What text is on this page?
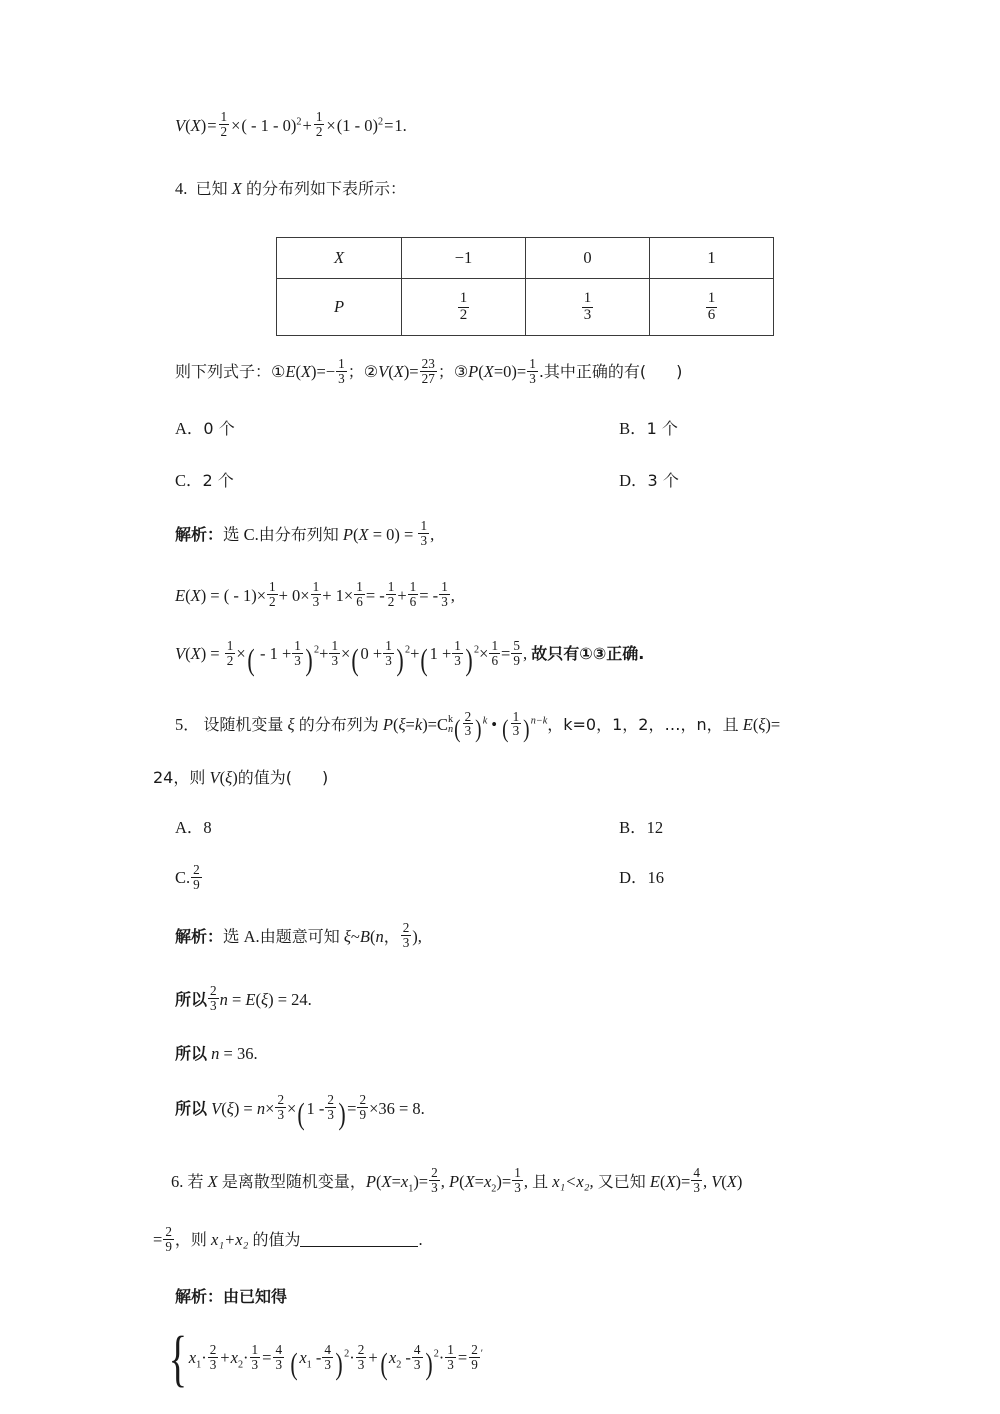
$V(X)= \frac{1}{2}$ ×( - $1 - 0)^2+ \frac{1}{2} \times(1 - 0)^2=1$.
4. 已知 X 的分布列如下表所示：
X	−1	0	1
P	$\frac{1}{2}$	$\frac{1}{3}$	$\frac{1}{6}$
则下列式子：①E(X)=− $\frac{1}{3}$ ；②V(X)= $\frac{23}{27}$ ；③P(X=0)= $\frac{1}{3}$ .其中正确的有( )
A．0 个	B．1 个
C．2 个	D．3 个
解析：选 C.由分布列知 $P(X = 0) = \frac{1}{3}$ ,
E(X) = ( - $1)\times \frac{1}{2} + 0\times \frac{1}{3} + 1\times \frac{1}{6}$ = - $\frac{1}{2} + \frac{1}{6}$ = - $\frac{1}{3}$ ,
$V(X) = \frac{1}{2}$ ×( - $1 + \frac{1}{3} )^2+ \frac{1}{3} \times(0 + \frac{1}{3} )^2+(1 + \frac{1}{3} )^2\times \frac{1}{6} = \frac{5}{9}$ , 故只有①③正确.
5． 设随机变量 ξ 的分布列为 P(ξ=k)=C k
n ( $\frac{2}{3} )^k$ • ( $\frac{1}{3} )^{n-k}$，k=0，1，2，…，n，且 E(ξ)=
24，则 V(ξ)的值为( )
A．8	B．12
C. $\frac{2}{9}$	D．16
解析：选 A.由题意可知 ξ~B(n， $\frac{2}{3}$ ),
所以 $\frac{2}{3}$ n = E(ξ) = 24.
所以 n = 36.
所以 $V(\xi) = n\times \frac{2}{3} \times(1 - \frac{2}{3}$ )= $\frac{2}{9} \times 36 = 8$.
6. 若 X 是离散型随机变量，$P(X=x_1)= \frac{2}{3}$ , $P(X=x_2)= \frac{1}{3}$ , 且 x₁<x₂, 又已知 $E(X)= \frac{4}{3}$ , V(X)
= $\frac{2}{9}$ ，则 x₁+x₂ 的值为	.
解析：由已知得
{ $x_1\cdot \frac{2}{3} +x_2\cdot \frac{1}{3} = \frac{4}{3} (x_1 - \frac{4}{3} )^2\cdot \frac{2}{3} +(x_2 - \frac{4}{3} )^2\cdot \frac{1}{3} = \frac{2}{9} '$
